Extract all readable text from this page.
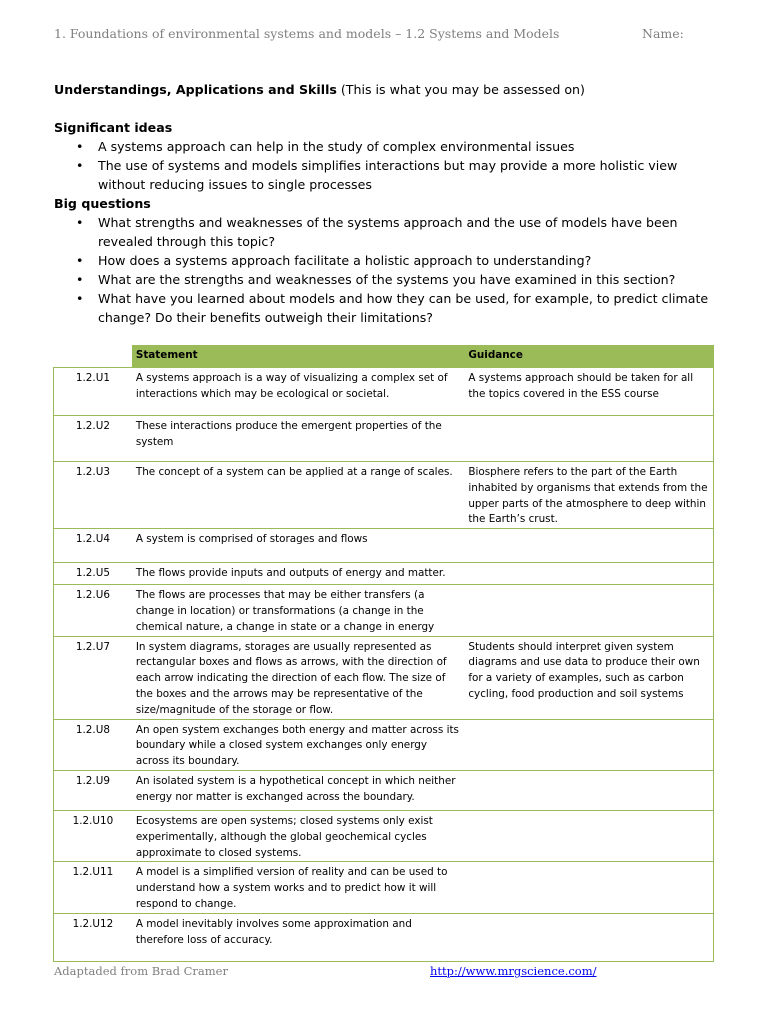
1. Foundations of environmental systems and models – 1.2 Systems and Models	Name:
Understandings, Applications and Skills (This is what you may be assessed on)
Significant ideas
• A systems approach can help in the study of complex environmental issues
• The use of systems and models simplifies interactions but may provide a more holistic view without reducing issues to single processes
Big questions
• What strengths and weaknesses of the systems approach and the use of models have been revealed through this topic?
• How does a systems approach facilitate a holistic approach to understanding?
• What are the strengths and weaknesses of the systems you have examined in this section?
• What have you learned about models and how they can be used, for example, to predict climate change? Do their benefits outweigh their limitations?
	Statement	Guidance
1.2.U1	A systems approach is a way of visualizing a complex set of interactions which may be ecological or societal.	A systems approach should be taken for all the topics covered in the ESS course
1.2.U2	These interactions produce the emergent properties of the system	
1.2.U3	The concept of a system can be applied at a range of scales.	Biosphere refers to the part of the Earth inhabited by organisms that extends from the upper parts of the atmosphere to deep within the Earth’s crust.
1.2.U4	A system is comprised of storages and flows	
1.2.U5	The flows provide inputs and outputs of energy and matter.	
1.2.U6	The flows are processes that may be either transfers (a change in location) or transformations (a change in the chemical nature, a change in state or a change in energy	
1.2.U7	In system diagrams, storages are usually represented as rectangular boxes and flows as arrows, with the direction of each arrow indicating the direction of each flow. The size of the boxes and the arrows may be representative of the size/magnitude of the storage or flow.	Students should interpret given system diagrams and use data to produce their own for a variety of examples, such as carbon cycling, food production and soil systems
1.2.U8	An open system exchanges both energy and matter across its boundary while a closed system exchanges only energy across its boundary.	
1.2.U9	An isolated system is a hypothetical concept in which neither energy nor matter is exchanged across the boundary.	
1.2.U10	Ecosystems are open systems; closed systems only exist experimentally, although the global geochemical cycles approximate to closed systems.	
1.2.U11	A model is a simplified version of reality and can be used to understand how a system works and to predict how it will respond to change.	
1.2.U12	A model inevitably involves some approximation and therefore loss of accuracy.	
Adaptaded from Brad Cramer	http://www.mrgscience.com/
